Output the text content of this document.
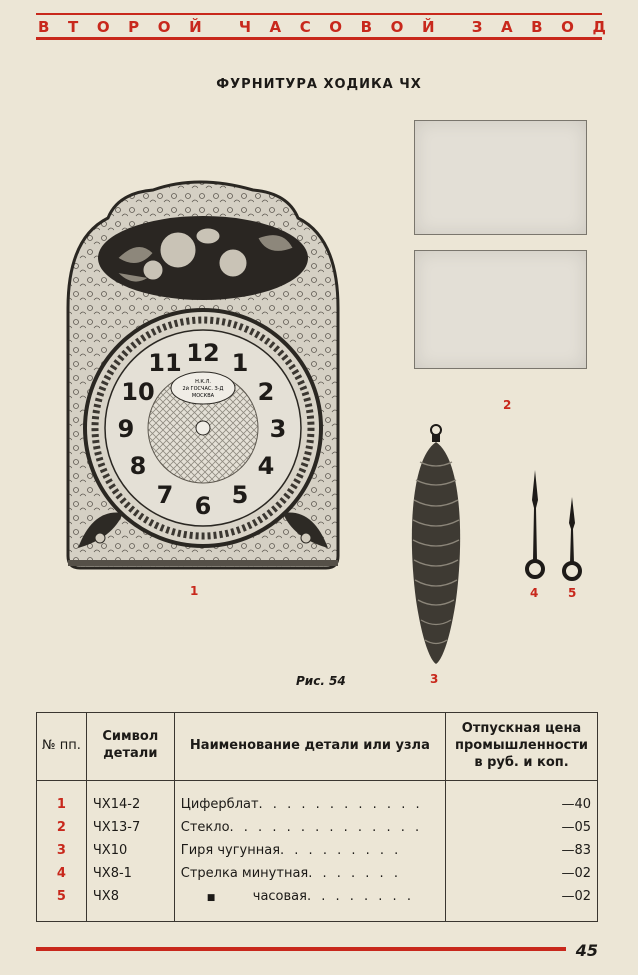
В Т О Р О Й Ч А С О В О Й З А В О Д
ФУРНИТУРА ХОДИКА ЧХ
Н.К.Л.
2й ГОСЧАС. З-Д
МОСКВА
12 1
2
3
4
5
6
7
8
9
10
11
1
2
3
4 5
Рис. 54
№ пп.	Символ детали	Наименование детали или узла	Отпускная цена промышленности в руб. и коп.

1	ЧХ14-2	Циферблат. . . . . . . . . . . .	—40
2	ЧХ13-7	Стекло. . . . . . . . . . . . . .	—05
3	ЧХ10	Гиря чугунная. . . . . . . . .	—83
4	ЧХ8-1	Стрелка минутная. . . . . . .	—02
5	ЧХ8	■ часовая. . . . . . . .	—02
45
